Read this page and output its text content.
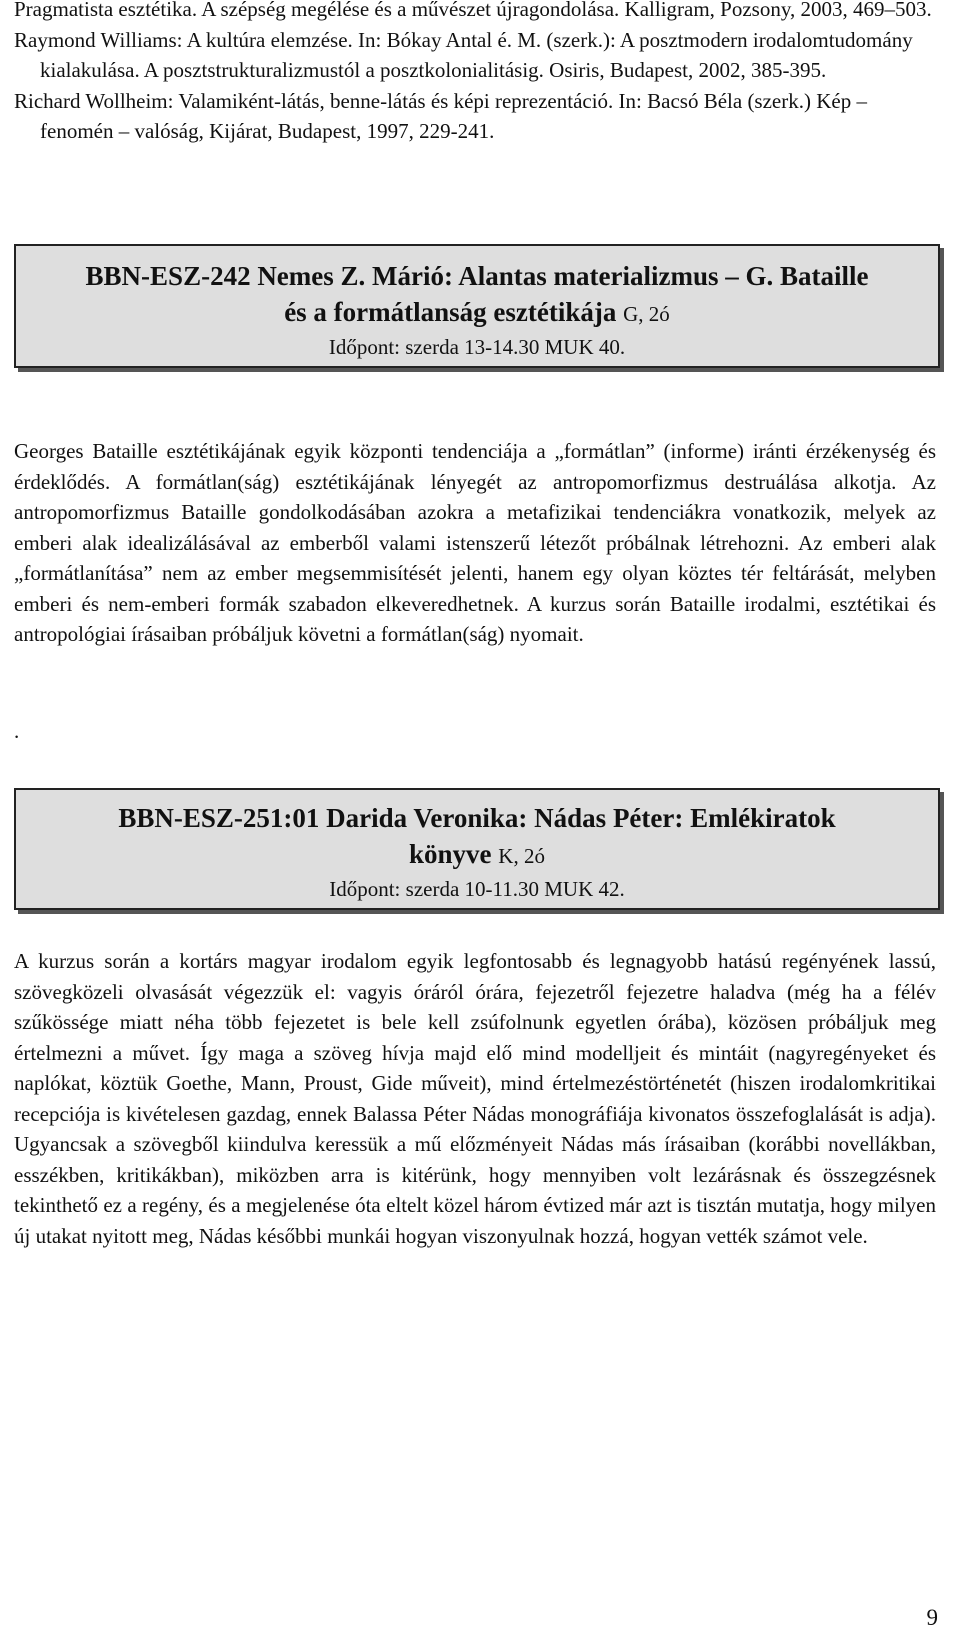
Pragmatista esztétika. A szépség megélése és a művészet újragondolása. Kalligram, Pozsony, 2003, 469–503.

Raymond Williams: A kultúra elemzése. In: Bókay Antal é. M. (szerk.): A posztmodern irodalomtudomány kialakulása. A posztstrukturalizmustól a posztkolonialitásig. Osiris, Budapest, 2002, 385-395.

Richard Wollheim: Valamiként-látás, benne-látás és képi reprezentáció. In: Bacsó Béla (szerk.) Kép – fenomén – valóság, Kijárat, Budapest, 1997, 229-241.

BBN-ESZ-242 Nemes Z. Márió: Alantas materializmus – G. Bataille
és a formátlanság esztétikája G, 2ó

Időpont: szerda 13-14.30 MUK 40.

Georges Bataille esztétikájának egyik központi tendenciája a „formátlan” (informe) iránti érzékenység és érdeklődés. A formátlan(ság) esztétikájának lényegét az antropomorfizmus destruálása alkotja. Az antropomorfizmus Bataille gondolkodásában azokra a metafizikai tendenciákra vonatkozik, melyek az emberi alak idealizálásával az emberből valami istenszerű létezőt próbálnak létrehozni. Az emberi alak „formátlanítása” nem az ember megsemmisítését jelenti, hanem egy olyan köztes tér feltárását, melyben emberi és nem-emberi formák szabadon elkeveredhetnek. A kurzus során Bataille irodalmi, esztétikai és antropológiai írásaiban próbáljuk követni a formátlan(ság) nyomait.

.

BBN-ESZ-251:01 Darida Veronika: Nádas Péter: Emlékiratok
könyve K, 2ó

Időpont: szerda 10-11.30 MUK 42.

A kurzus során a kortárs magyar irodalom egyik legfontosabb és legnagyobb hatású regényének lassú, szövegközeli olvasását végezzük el: vagyis óráról órára, fejezetről fejezetre haladva (még ha a félév szűkössége miatt néha több fejezetet is bele kell zsúfolnunk egyetlen órába), közösen próbáljuk meg értelmezni a művet. Így maga a szöveg hívja majd elő mind modelljeit és mintáit (nagyregényeket és naplókat, köztük Goethe, Mann, Proust, Gide műveit), mind értelmezéstörténetét (hiszen irodalomkritikai recepciója is kivételesen gazdag, ennek Balassa Péter Nádas monográfiája kivonatos összefoglalását is adja). Ugyancsak a szövegből kiindulva keressük a mű előzményeit Nádas más írásaiban (korábbi novellákban, esszékben, kritikákban), miközben arra is kitérünk, hogy mennyiben volt lezárásnak és összegzésnek tekinthető ez a regény, és a megjelenése óta eltelt közel három évtized már azt is tisztán mutatja, hogy milyen új utakat nyitott meg, Nádas későbbi munkái hogyan viszonyulnak hozzá, hogyan vették számot vele.

9
